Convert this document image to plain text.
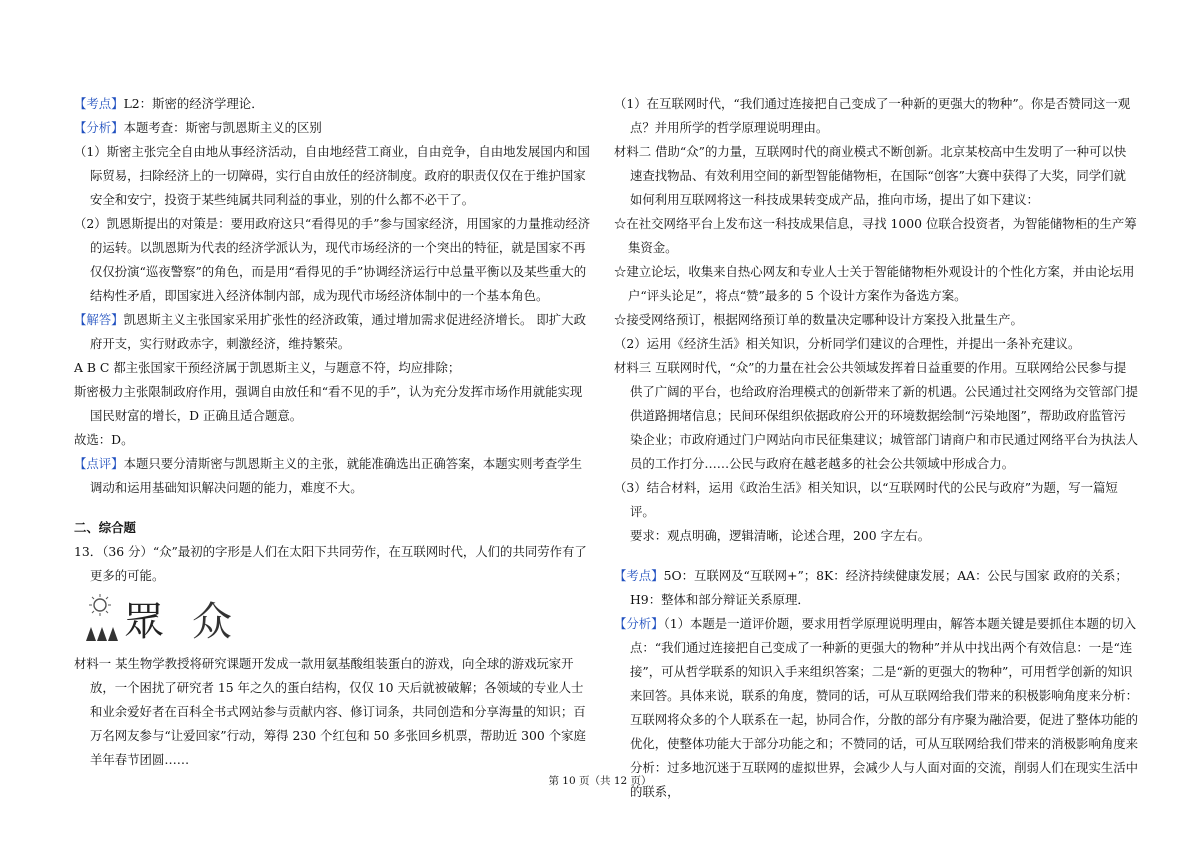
【考点】L2：斯密的经济学理论．

【分析】本题考查：斯密与凯恩斯主义的区别

（1）斯密主张完全自由地从事经济活动，自由地经营工商业，自由竞争，自由地发展国内和国际贸易，扫除经济上的一切障碍，实行自由放任的经济制度。政府的职责仅仅在于维护国家安全和安宁，投资于某些纯属共同利益的事业，别的什么都不必干了。

（2）凯恩斯提出的对策是：要用政府这只“看得见的手”参与国家经济，用国家的力量推动经济的运转。以凯恩斯为代表的经济学派认为，现代市场经济的一个突出的特征，就是国家不再仅仅扮演“巡夜警察”的角色，而是用“看得见的手”协调经济运行中总量平衡以及某些重大的结构性矛盾，即国家进入经济体制内部，成为现代市场经济体制中的一个基本角色。

【解答】凯恩斯主义主张国家采用扩张性的经济政策，通过增加需求促进经济增长。 即扩大政府开支，实行财政赤字，刺激经济，维持繁荣。

A B C 都主张国家干预经济属于凯恩斯主义，与题意不符，均应排除；

斯密极力主张限制政府作用，强调自由放任和“看不见的手”，认为充分发挥市场作用就能实现国民财富的增长，D 正确且适合题意。

故选：D。

【点评】本题只要分清斯密与凯恩斯主义的主张，就能准确选出正确答案，本题实则考查学生调动和运用基础知识解决问题的能力，难度不大。

二、综合题

13．（36 分）“众”最初的字形是人们在太阳下共同劳作，在互联网时代，人们的共同劳作有了更多的可能。

眾 众

材料一 某生物学教授将研究课题开发成一款用氨基酸组装蛋白的游戏，向全球的游戏玩家开放，一个困扰了研究者 15 年之久的蛋白结构，仅仅 10 天后就被破解；各领域的专业人士和业余爱好者在百科全书式网站参与贡献内容、修订词条，共同创造和分享海量的知识；百万名网友参与“让爱回家”行动，筹得 230 个红包和 50 多张回乡机票，帮助近 300 个家庭羊年春节团圆……

（1）在互联网时代，“我们通过连接把自己变成了一种新的更强大的物种”。你是否赞同这一观点？并用所学的哲学原理说明理由。

材料二 借助“众”的力量，互联网时代的商业模式不断创新。北京某校高中生发明了一种可以快速查找物品、有效利用空间的新型智能储物柜，在国际“创客”大赛中获得了大奖，同学们就如何利用互联网将这一科技成果转变成产品，推向市场，提出了如下建议：

☆在社交网络平台上发布这一科技成果信息，寻找 1000 位联合投资者，为智能储物柜的生产筹集资金。

☆建立论坛，收集来自热心网友和专业人士关于智能储物柜外观设计的个性化方案，并由论坛用户“评头论足”，将点“赞”最多的 5 个设计方案作为备选方案。

☆接受网络预订，根据网络预订单的数量决定哪种设计方案投入批量生产。

（2）运用《经济生活》相关知识，分析同学们建议的合理性，并提出一条补充建议。

材料三 互联网时代，“众”的力量在社会公共领域发挥着日益重要的作用。互联网给公民参与提供了广阔的平台，也给政府治理模式的创新带来了新的机遇。公民通过社交网络为交管部门提供道路拥堵信息；民间环保组织依据政府公开的环境数据绘制“污染地图”，帮助政府监管污染企业；市政府通过门户网站向市民征集建议；城管部门请商户和市民通过网络平台为执法人员的工作打分……公民与政府在越老越多的社会公共领域中形成合力。

（3）结合材料，运用《政治生活》相关知识，以“互联网时代的公民与政府”为题，写一篇短评。

要求：观点明确，逻辑清晰，论述合理，200 字左右。

【考点】5O：互联网及“互联网+”；8K：经济持续健康发展；AA：公民与国家 政府的关系；H9：整体和部分辩证关系原理．

【分析】（1）本题是一道评价题，要求用哲学原理说明理由，解答本题关键是要抓住本题的切入点：“我们通过连接把自己变成了一种新的更强大的物种”并从中找出两个有效信息：一是“连接”，可从哲学联系的知识入手来组织答案；二是“新的更强大的物种”，可用哲学创新的知识来回答。具体来说，联系的角度，赞同的话，可从互联网给我们带来的积极影响角度来分析：互联网将众多的个人联系在一起，协同合作，分散的部分有序聚为融洽要，促进了整体功能的优化，使整体功能大于部分功能之和；不赞同的话，可从互联网给我们带来的消极影响角度来分析：过多地沉迷于互联网的虚拟世界，会减少人与人面对面的交流，削弱人们在现实生活中的联系，

第 10 页（共 12 页）
